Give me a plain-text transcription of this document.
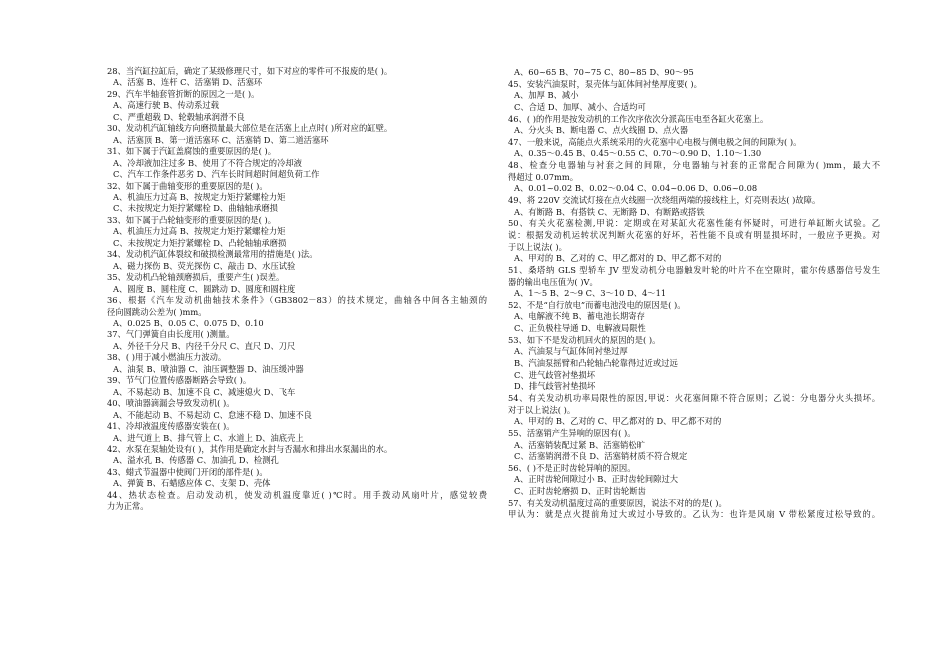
28、当汽缸拉缸后，确定了某级修理尺寸，如下对应的零件可不报废的是( )。
A、活塞 B、连杆 C、活塞销 D、活塞环
29、汽车半轴套管折断的原因之一是( )。
A、高速行驶 B、传动系过载
C、严重超载 D、轮毂轴承润滑不良
30、发动机汽缸轴线方向磨损量最大部位是在活塞上止点时( )所对应的缸壁。
A、活塞顶 B、第一道活塞环 C、活塞销 D、第二道活塞环
31、如下属于汽缸盖腐蚀的重要原因的是( )。
A、冷却液加注过多 B、使用了不符合规定的冷却液
C、汽车工作条件恶劣 D、汽车长时间超时间超负荷工作
32、如下属于曲轴变形的重要原因的是( )。
A、机油压力过高 B、按规定力矩拧紧螺栓力矩
C、未按规定力矩拧紧螺栓 D、曲轴轴承磨损
33、如下属于凸轮轴变形的重要原因的是( )。
A、机油压力过高 B、按规定力矩拧紧螺栓力矩
C、未按规定力矩拧紧螺栓 D、凸轮轴轴承磨损
34、发动机汽缸体裂纹和破损检测最常用的措施是( )法。
A、磁力探伤 B、荧光探伤 C、敲击 D、水压试验
35、发动机凸轮轴颈磨损后，重要产生( )误差。
A、圆度 B、圆柱度 C、圆跳动 D、圆度和圆柱度
36、根据《汽车发动机曲轴技术条件》（GB3802－83）的技术规定，曲轴各中间各主轴颈的
径向圆跳动公差为( )mm。
A、0.025 B、0.05 C、0.075 D、0.10
37、气门弹簧自由长度用( )测量。
A、外径千分尺 B、内径千分尺 C、直尺 D、刀尺
38、( )用于减小燃油压力波动。
A、油泵 B、喷油器 C、油压调整器 D、油压缓冲器
39、节气门位置传感器断路会导致( )。
A、不易起动 B、加速不良 C、减速熄火 D、飞车
40、喷油器滴漏会导致发动机( )。
A、不能起动 B、不易起动 C、怠速不稳 D、加速不良
41、冷却液温度传感器安装在( )。
A、进气道上 B、排气管上 C、水道上 D、油底壳上
42、水泵在泵轴处设有( )，其作用是确定水封与否漏水和排出水泵漏出的水。
A、溢水孔 B、传感器 C、加油孔 D、检测孔
43、蜡式节温器中使阀门开闭的部件是( )。
A、弹簧 B、石蜡感应体 C、支架 D、壳体
44、热状态检查。启动发动机，使发动机温度靠近( )℃时。用手拨动风扇叶片，感觉较费
力为正常。
A、60~65 B、70~75 C、80~85 D、90～95
45、安装汽油泵时，泵壳体与缸体间衬垫厚度要( )。
A、加厚 B、减小
C、合适 D、加厚、减小、合适均可
46、( )的作用是按发动机的工作次序依次分派高压电至各缸火花塞上。
A、分火头 B、断电器 C、点火线圈 D、点火器
47、一般来说，高能点火系统采用的火花塞中心电极与侧电极之间的间隙为( )。
A、0.35～0.45 B、0.45～0.55 C、0.70～0.90 D、1.10～1.30
48、检查分电器轴与衬套之间的间隙，分电器轴与衬套的正常配合间隙为( )mm，最大不
得超过 0.07mm。
A、0.01~0.02 B、0.02～0.04 C、0.04~0.06 D、0.06~0.08
49、将 220V 交流试灯接在点火线圈一次绕组两端的接线柱上，灯亮则表达( )故障。
A、有断路 B、有搭铁 C、无断路 D、有断路或搭铁
50、有关火花塞检测,甲说：定期或在对某缸火花塞性能有怀疑时，可进行单缸断火试验。乙
说：根据发动机运转状况判断火花塞的好坏，若性能不良或有明显损坏时，一般应予更换。对
于以上说法( )。
A、甲对的 B、乙对的 C、甲乙都对的 D、甲乙都不对的
51、桑塔纳 GLS 型轿车 JV 型发动机分电器触发叶轮的叶片不在空隙时，霍尔传感器信号发生
器的输出电压值为( )V。
A、1～5 B、2～9 C、3～10 D、4～11
52、不是“自行放电”而蓄电池没电的原因是( )。
A、电解液不纯 B、蓄电池长期寄存
C、正负极柱导通 D、电解液局限性
53、如下不是发动机回火的原因的是( )。
A、汽油泵与气缸体间衬垫过厚
B、汽油泵摇臂和凸轮轴凸轮靠得过近或过远
C、进气歧管衬垫损坏
D、排气歧管衬垫损坏
54、有关发动机功率局限性的原因,甲说：火花塞间隙不符合原则；乙说：分电器分火头损坏。
对于以上说法( )。
A、甲对的 B、乙对的 C、甲乙都对的 D、甲乙都不对的
55、活塞销产生异响的原因有( )。
A、活塞销装配过紧 B、活塞销松旷
C、活塞销润滑不良 D、活塞销材质不符合规定
56、( )不是正时齿轮异响的原因。
A、正时齿轮间隙过小 B、正时齿轮间隙过大
C、正时齿轮磨损 D、正时齿轮断齿
57、有关发动机温度过高的重要原因，说法不对的的是( )。
甲认为：就是点火提前角过大或过小导致的。乙认为：也许是风扇 V 带松紧度过松导致的。
